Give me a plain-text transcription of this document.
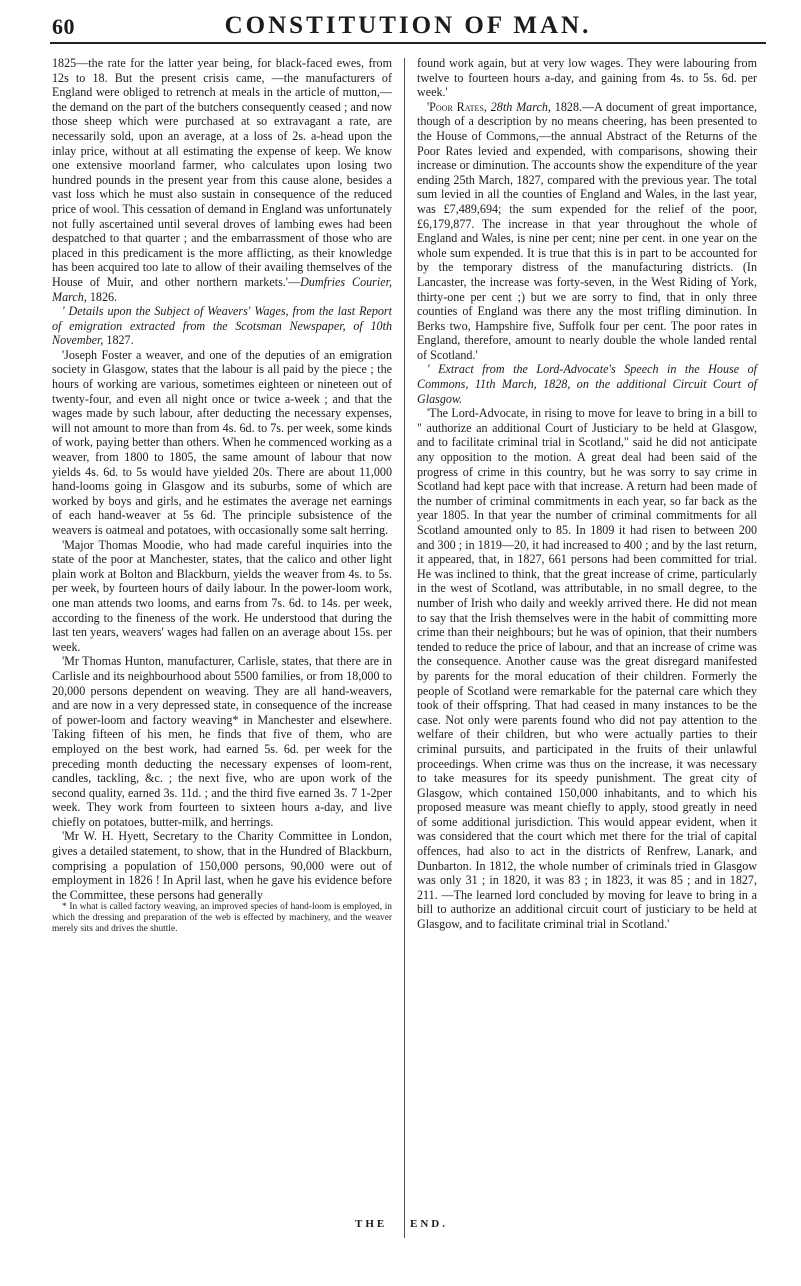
60	CONSTITUTION OF MAN.

1825—the rate for the latter year being, for black-faced ewes, from 12s to 18. But the present crisis came, —the manufacturers of England were obliged to retrench at meals in the article of mutton,—the demand on the part of the butchers consequently ceased ; and now those sheep which were purchased at so extravagant a rate, are necessarily sold, upon an average, at a loss of 2s. a-head upon the inlay price, without at all estimating the expense of keep. We know one extensive moorland farmer, who calculates upon losing two hundred pounds in the present year from this cause alone, besides a vast loss which he must also sustain in consequence of the reduced price of wool. This cessation of demand in England was unfortunately not fully ascertained until several droves of lambing ewes had been despatched to that quarter ; and the embarrassment of those who are placed in this predicament is the more afflicting, as their knowledge has been acquired too late to allow of their availing themselves of the House of Muir, and other northern markets.'—Dumfries Courier, March, 1826.

' Details upon the Subject of Weavers' Wages, from the last Report of emigration extracted from the Scotsman Newspaper, of 10th November, 1827.

'Joseph Foster a weaver, and one of the deputies of an emigration society in Glasgow, states that the labour is all paid by the piece ; the hours of working are various, sometimes eighteen or nineteen out of twenty-four, and even all night once or twice a-week ; and that the wages made by such labour, after deducting the necessary expenses, will not amount to more than from 4s. 6d. to 7s. per week, some kinds of work, paying better than others. When he commenced working as a weaver, from 1800 to 1805, the same amount of labour that now yields 4s. 6d. to 5s would have yielded 20s. There are about 11,000 hand-looms going in Glasgow and its suburbs, some of which are worked by boys and girls, and he estimates the average net earnings of each hand-weaver at 5s 6d. The principle subsistence of the weavers is oatmeal and potatoes, with occasionally some salt herring.

'Major Thomas Moodie, who had made careful inquiries into the state of the poor at Manchester, states, that the calico and other light plain work at Bolton and Blackburn, yields the weaver from 4s. to 5s. per week, by fourteen hours of daily labour. In the power-loom work, one man attends two looms, and earns from 7s. 6d. to 14s. per week, according to the fineness of the work. He understood that during the last ten years, weavers' wages had fallen on an average about 15s. per week.

'Mr Thomas Hunton, manufacturer, Carlisle, states, that there are in Carlisle and its neighbourhood about 5500 families, or from 18,000 to 20,000 persons dependent on weaving. They are all hand-weavers, and are now in a very depressed state, in consequence of the increase of power-loom and factory weaving* in Manchester and elsewhere. Taking fifteen of his men, he finds that five of them, who are employed on the best work, had earned 5s. 6d. per week for the preceding month deducting the necessary expenses of loom-rent, candles, tackling, &c. ; the next five, who are upon work of the second quality, earned 3s. 11d. ; and the third five earned 3s. 7 1-2per week. They work from fourteen to sixteen hours a-day, and live chiefly on potatoes, butter-milk, and herrings.

'Mr W. H. Hyett, Secretary to the Charity Committee in London, gives a detailed statement, to show, that in the Hundred of Blackburn, comprising a population of 150,000 persons, 90,000 were out of employment in 1826 ! In April last, when he gave his evidence before the Committee, these persons had generally

* In what is called factory weaving, an improved species of hand-loom is employed, in which the dressing and preparation of the web is effected by machinery, and the weaver merely sits and drives the shuttle.

found work again, but at very low wages. They were labouring from twelve to fourteen hours a-day, and gaining from 4s. to 5s. 6d. per week.'

'Poor Rates, 28th March, 1828.—A document of great importance, though of a description by no means cheering, has been presented to the House of Commons,—the annual Abstract of the Returns of the Poor Rates levied and expended, with comparisons, showing their increase or diminution. The accounts show the expenditure of the year ending 25th March, 1827, compared with the previous year. The total sum levied in all the counties of England and Wales, in the last year, was £7,489,694; the sum expended for the relief of the poor, £6,179,877. The increase in that year throughout the whole of England and Wales, is nine per cent; nine per cent. in one year on the whole sum expended. It is true that this is in part to be accounted for by the temporary distress of the manufacturing districts. (In Lancaster, the increase was forty-seven, in the West Riding of York, thirty-one per cent ;) but we are sorry to find, that in only three counties of England was there any the most trifling diminution. In Berks two, Hampshire five, Suffolk four per cent. The poor rates in England, therefore, amount to nearly double the whole landed rental of Scotland.'

' Extract from the Lord-Advocate's Speech in the House of Commons, 11th March, 1828, on the additional Circuit Court of Glasgow.

'The Lord-Advocate, in rising to move for leave to bring in a bill to " authorize an additional Court of Justiciary to be held at Glasgow, and to facilitate criminal trial in Scotland," said he did not anticipate any opposition to the motion. A great deal had been said of the progress of crime in this country, but he was sorry to say crime in Scotland had kept pace with that increase. A return had been made of the number of criminal commitments in each year, so far back as the year 1805. In that year the number of criminal commitments for all Scotland amounted only to 85. In 1809 it had risen to between 200 and 300 ; in 1819—20, it had increased to 400 ; and by the last return, it appeared, that, in 1827, 661 persons had been committed for trial. He was inclined to think, that the great increase of crime, particularly in the west of Scotland, was attributable, in no small degree, to the number of Irish who daily and weekly arrived there. He did not mean to say that the Irish themselves were in the habit of committing more crime than their neighbours; but he was of opinion, that their numbers tended to reduce the price of labour, and that an increase of crime was the consequence. Another cause was the great disregard manifested by parents for the moral education of their children. Formerly the people of Scotland were remarkable for the paternal care which they took of their offspring. That had ceased in many instances to be the case. Not only were parents found who did not pay attention to the welfare of their children, but who were actually parties to their criminal pursuits, and participated in the fruits of their unlawful proceedings. When crime was thus on the increase, it was necessary to take measures for its speedy punishment. The great city of Glasgow, which contained 150,000 inhabitants, and to which his proposed measure was meant chiefly to apply, stood greatly in need of some additional jurisdiction. This would appear evident, when it was considered that the court which met there for the trial of capital offences, had also to act in the districts of Renfrew, Lanark, and Dunbarton. In 1812, the whole number of criminals tried in Glasgow was only 31 ; in 1820, it was 83 ; in 1823, it was 85 ; and in 1827, 211. —The learned lord concluded by moving for leave to bring in a bill to authorize an additional circuit court of justiciary to be held at Glasgow, and to facilitate criminal trial in Scotland.'

THE END.
